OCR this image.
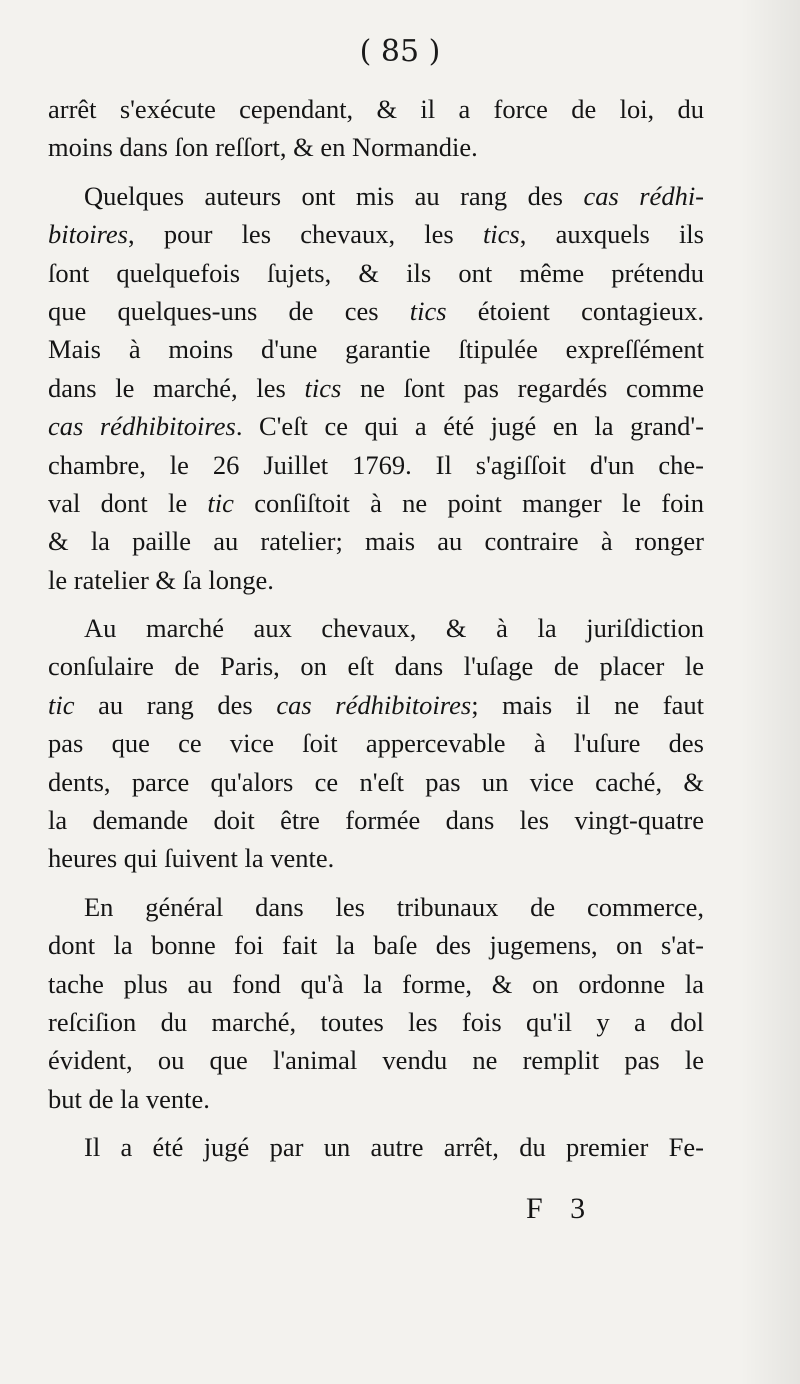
( 85 )
arrêt s'exécute cependant, & il a force de loi, du
moins dans ſon reſſort, & en Normandie.
Quelques auteurs ont mis au rang des cas rédhi-
bitoires, pour les chevaux, les tics, auxquels ils
ſont quelquefois ſujets, & ils ont même prétendu
que quelques-uns de ces tics étoient contagieux.
Mais à moins d'une garantie ſtipulée expreſſément
dans le marché, les tics ne ſont pas regardés comme
cas rédhibitoires. C'eſt ce qui a été jugé en la grand'-
chambre, le 26 Juillet 1769. Il s'agiſſoit d'un che-
val dont le tic conſiſtoit à ne point manger le foin
& la paille au ratelier; mais au contraire à ronger
le ratelier & ſa longe.
Au marché aux chevaux, & à la juriſdiction
conſulaire de Paris, on eſt dans l'uſage de placer le
tic au rang des cas rédhibitoires; mais il ne faut
pas que ce vice ſoit appercevable à l'uſure des
dents, parce qu'alors ce n'eſt pas un vice caché, &
la demande doit être formée dans les vingt-quatre
heures qui ſuivent la vente.
En général dans les tribunaux de commerce,
dont la bonne foi fait la baſe des jugemens, on s'at-
tache plus au fond qu'à la forme, & on ordonne la
reſciſion du marché, toutes les fois qu'il y a dol
évident, ou que l'animal vendu ne remplit pas le
but de la vente.
Il a été jugé par un autre arrêt, du premier Fe-
F 3
